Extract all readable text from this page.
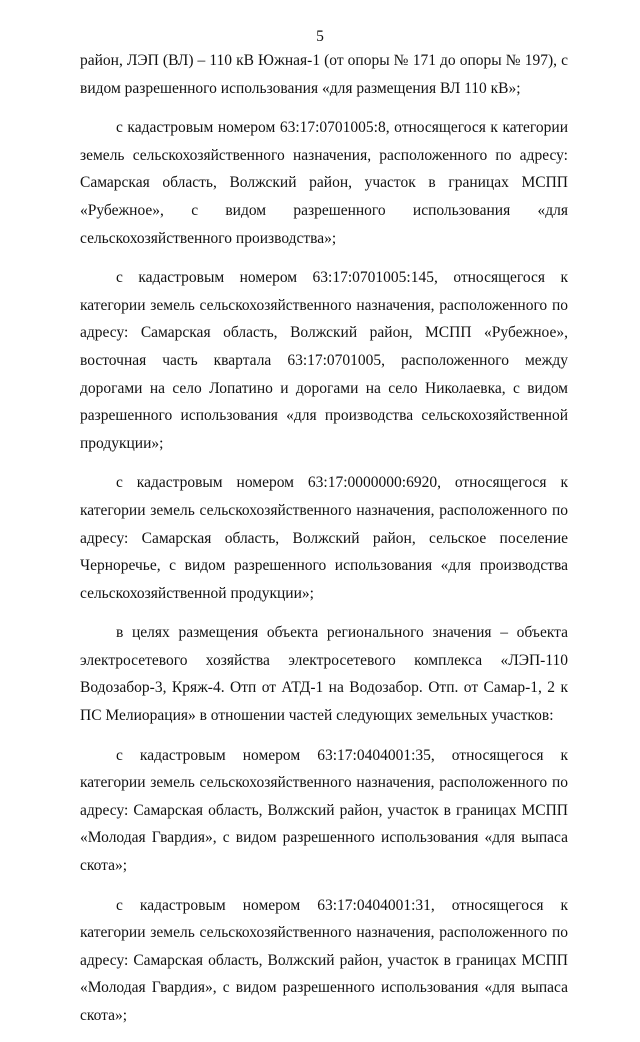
5

район, ЛЭП (ВЛ) – 110 кВ Южная-1 (от опоры № 171 до опоры № 197), с видом разрешенного использования «для размещения ВЛ 110 кВ»;

с кадастровым номером 63:17:0701005:8, относящегося к категории земель сельскохозяйственного назначения, расположенного по адресу: Самарская область, Волжский район, участок в границах МСПП «Рубежное», с видом разрешенного использования «для сельскохозяйственного производства»;

с кадастровым номером 63:17:0701005:145, относящегося к категории земель сельскохозяйственного назначения, расположенного по адресу: Самарская область, Волжский район, МСПП «Рубежное», восточная часть квартала 63:17:0701005, расположенного между дорогами на село Лопатино и дорогами на село Николаевка, с видом разрешенного использования «для производства сельскохозяйственной продукции»;

с кадастровым номером 63:17:0000000:6920, относящегося к категории земель сельскохозяйственного назначения, расположенного по адресу: Самарская область, Волжский район, сельское поселение Черноречье, с видом разрешенного использования «для производства сельскохозяйственной продукции»;

в целях размещения объекта регионального значения – объекта электросетевого хозяйства электросетевого комплекса «ЛЭП-110 Водозабор-3, Кряж-4. Отп от АТД-1 на Водозабор. Отп. от Самар-1, 2 к ПС Мелиорация» в отношении частей следующих земельных участков:

с кадастровым номером 63:17:0404001:35, относящегося к категории земель сельскохозяйственного назначения, расположенного по адресу: Самарская область, Волжский район, участок в границах МСПП «Молодая Гвардия», с видом разрешенного использования «для выпаса скота»;

с кадастровым номером 63:17:0404001:31, относящегося к категории земель сельскохозяйственного назначения, расположенного по адресу: Самарская область, Волжский район, участок в границах МСПП «Молодая Гвардия», с видом разрешенного использования «для выпаса скота»;
